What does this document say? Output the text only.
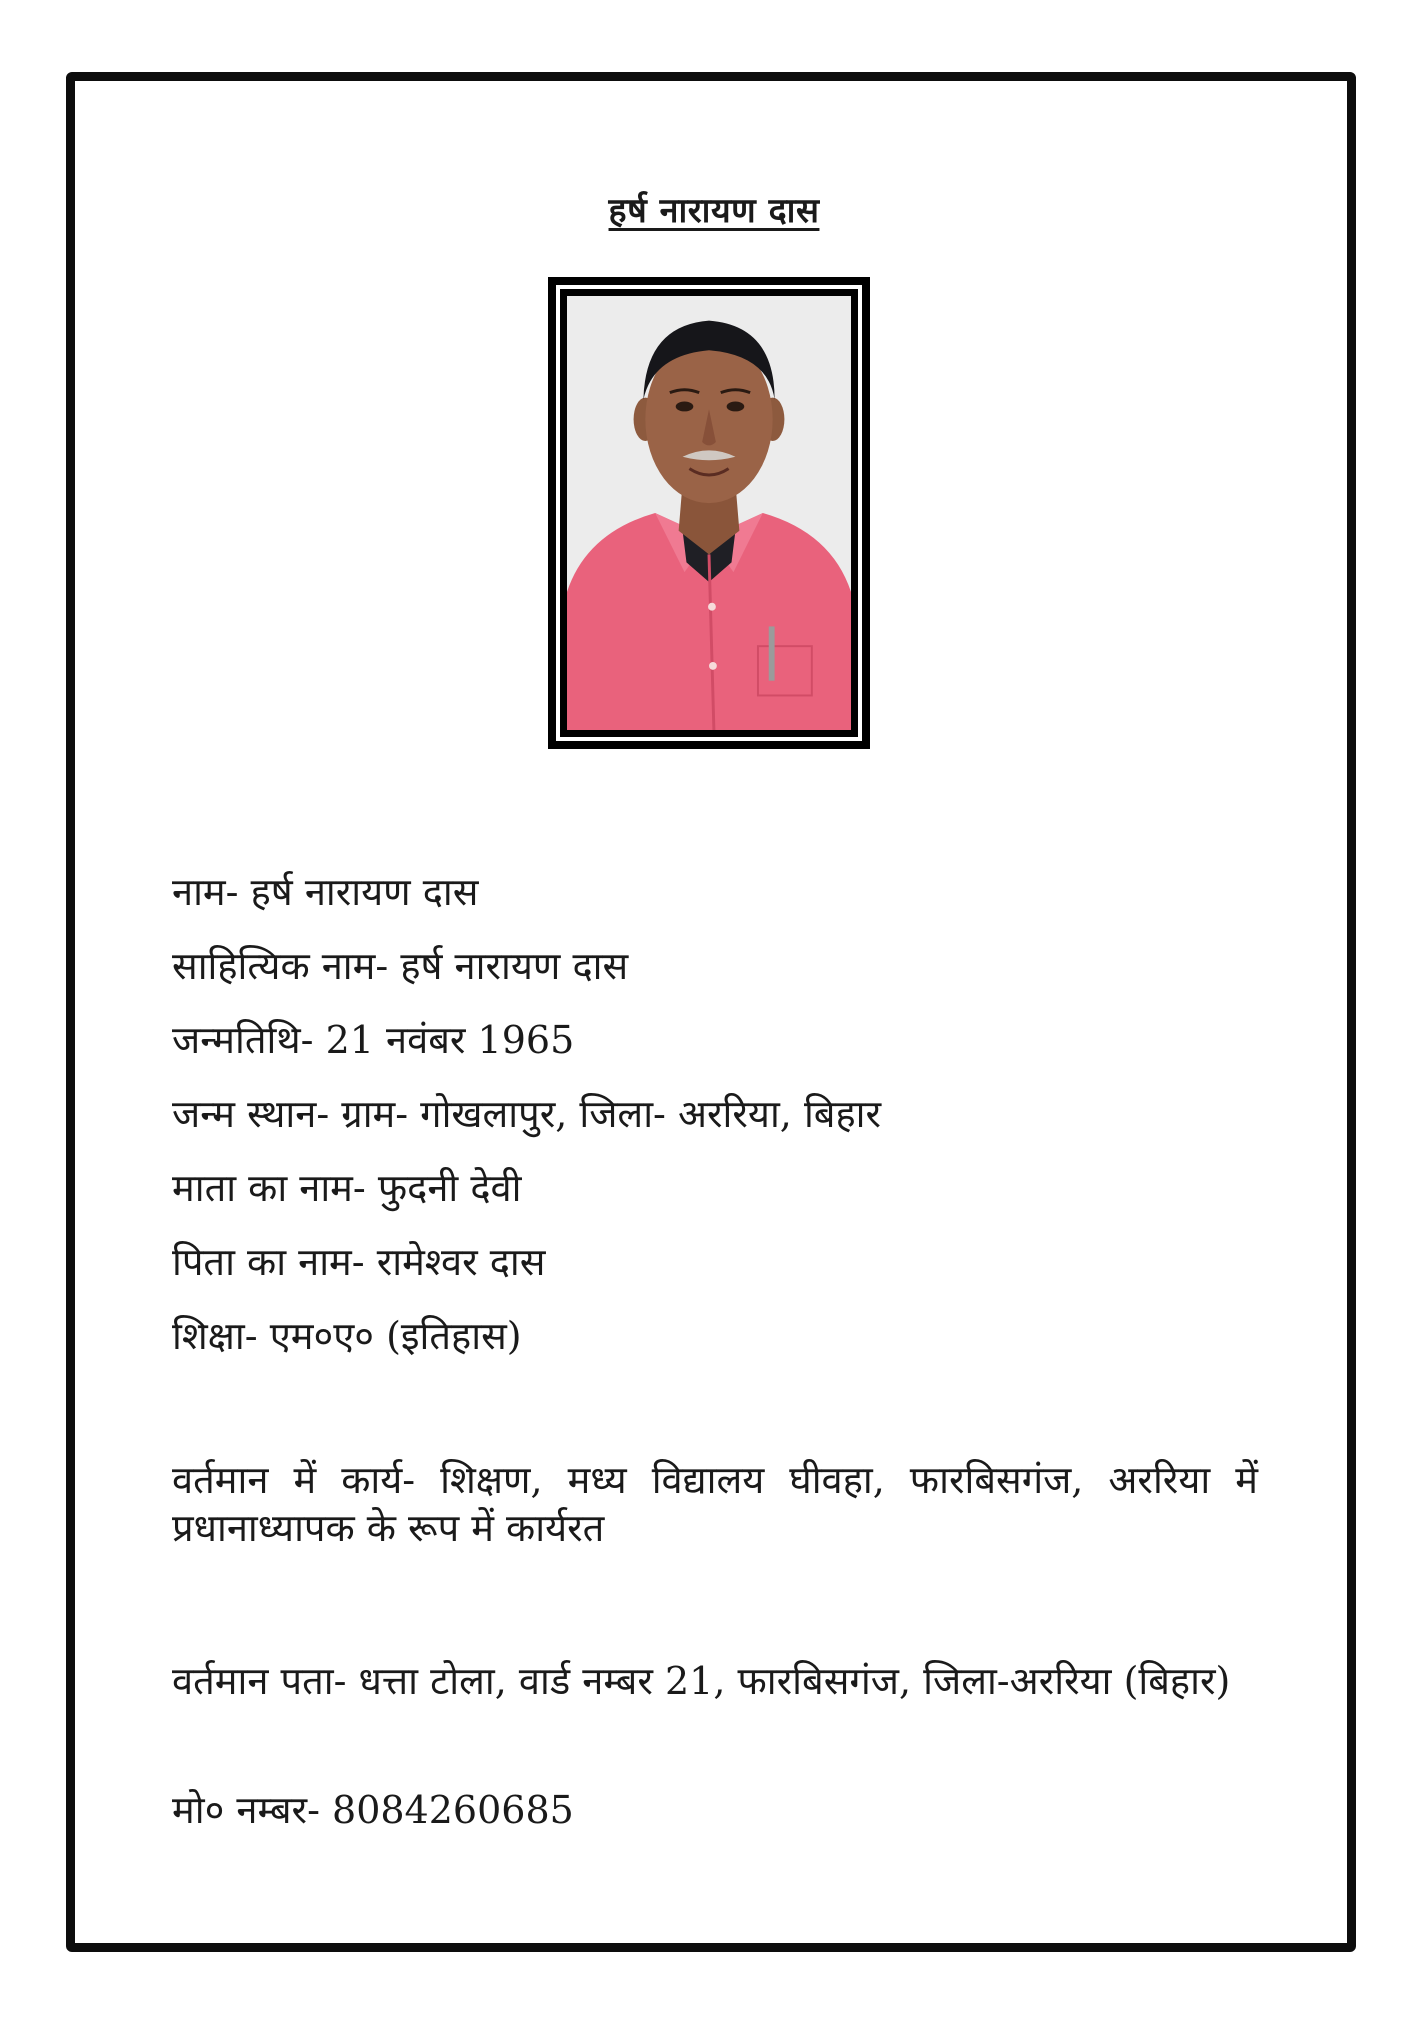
हर्ष नारायण दास
नाम- हर्ष नारायण दास
साहित्यिक नाम- हर्ष नारायण दास
जन्मतिथि- 21 नवंबर 1965
जन्म स्थान- ग्राम- गोखलापुर, जिला- अररिया, बिहार
माता का नाम- फुदनी देवी
पिता का नाम- रामेश्वर दास
शिक्षा- एम०ए० (इतिहास)
वर्तमान में कार्य- शिक्षण, मध्य विद्यालय घीवहा, फारबिसगंज, अररिया में प्रधानाध्यापक के रूप में कार्यरत
वर्तमान पता- धत्ता टोला, वार्ड नम्बर 21, फारबिसगंज, जिला-अररिया (बिहार)
मो० नम्बर- 8084260685
